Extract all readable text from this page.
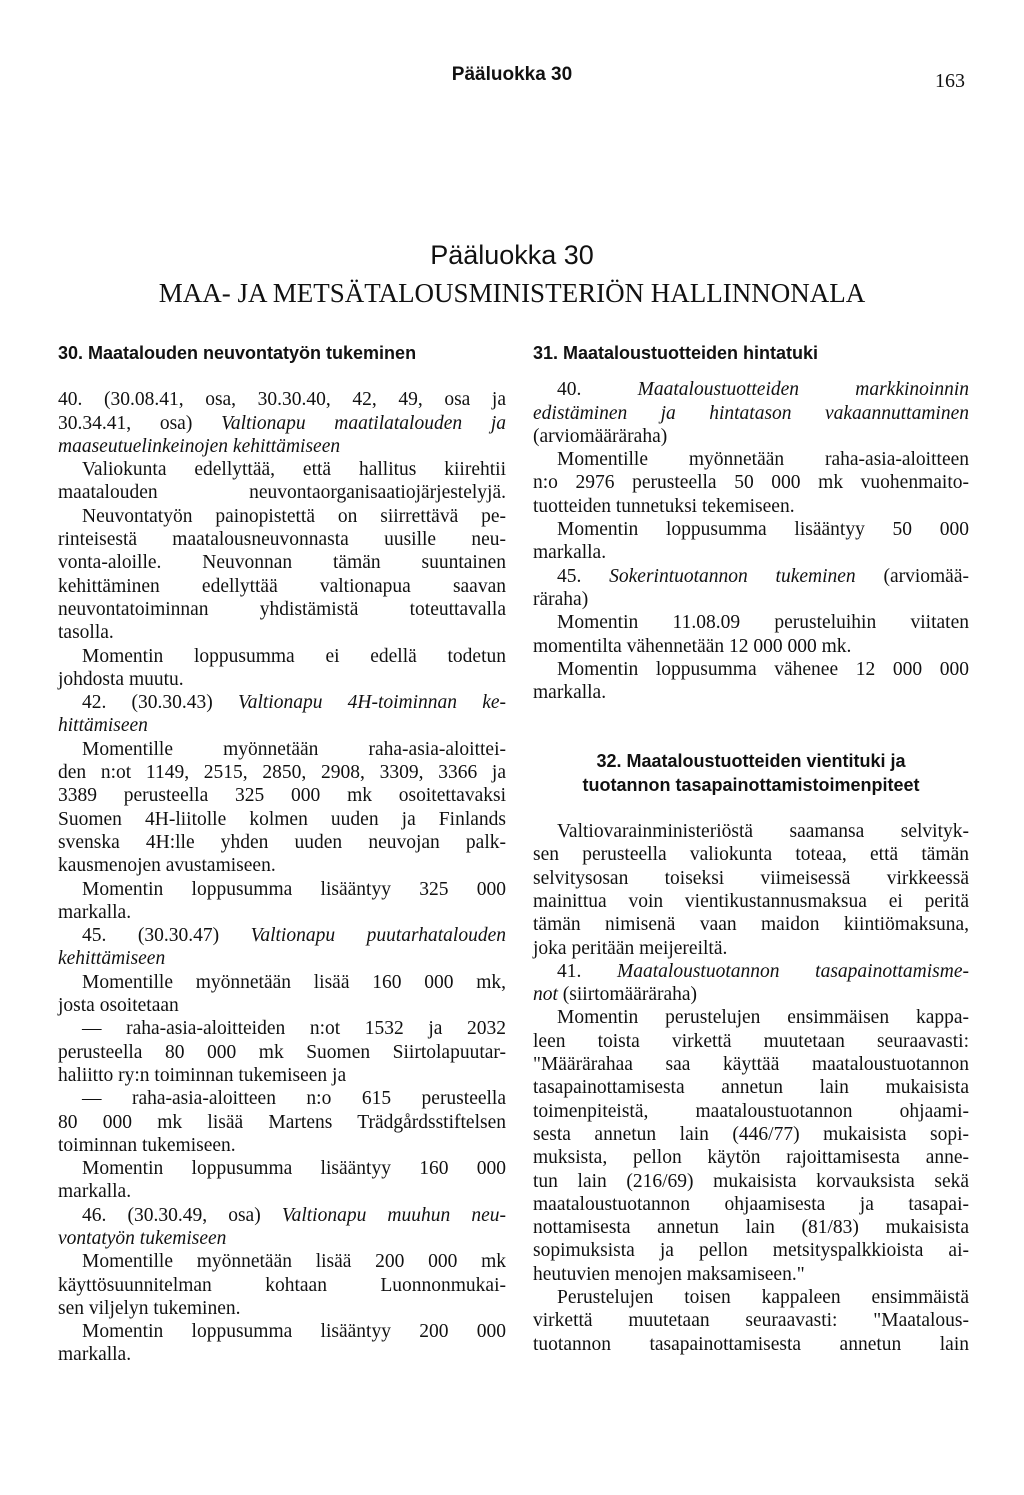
Pääluokka 30	163
Pääluokka 30
MAA- JA METSÄTALOUSMINISTERIÖN HALLINNONALA
30. Maatalouden neuvontatyön tukeminen
40. (30.08.41, osa, 30.30.40, 42, 49, osa ja
30.34.41, osa) Valtionapu maatilatalouden ja
maaseutuelinkeinojen kehittämiseen
Valiokunta edellyttää, että hallitus kiirehtii
maatalouden neuvontaorganisaatiojärjestelyjä.
Neuvontatyön painopistettä on siirrettävä pe-
rinteisestä maatalousneuvonnasta uusille neu-
vonta-aloille. Neuvonnan tämän suuntainen
kehittäminen edellyttää valtionapua saavan
neuvontatoiminnan yhdistämistä toteuttavalla
tasolla.
Momentin loppusumma ei edellä todetun
johdosta muutu.
42. (30.30.43) Valtionapu 4H-toiminnan ke-
hittämiseen
Momentille myönnetään raha-asia-aloittei-
den n:ot 1149, 2515, 2850, 2908, 3309, 3366 ja
3389 perusteella 325 000 mk osoitettavaksi
Suomen 4H-liitolle kolmen uuden ja Finlands
svenska 4H:lle yhden uuden neuvojan palk-
kausmenojen avustamiseen.
Momentin loppusumma lisääntyy 325 000
markalla.
45. (30.30.47) Valtionapu puutarhatalouden
kehittämiseen
Momentille myönnetään lisää 160 000 mk,
josta osoitetaan
— raha-asia-aloitteiden n:ot 1532 ja 2032
perusteella 80 000 mk Suomen Siirtolapuutar-
haliitto ry:n toiminnan tukemiseen ja
— raha-asia-aloitteen n:o 615 perusteella
80 000 mk lisää Martens Trädgårdsstiftelsen
toiminnan tukemiseen.
Momentin loppusumma lisääntyy 160 000
markalla.
46. (30.30.49, osa) Valtionapu muuhun neu-
vontatyön tukemiseen
Momentille myönnetään lisää 200 000 mk
käyttösuunnitelman kohtaan Luonnonmukai-
sen viljelyn tukeminen.
Momentin loppusumma lisääntyy 200 000
markalla.
31. Maataloustuotteiden hintatuki
40. Maataloustuotteiden markkinoinnin
edistäminen ja hintatason vakaannuttaminen
(arviomääräraha)
Momentille myönnetään raha-asia-aloitteen
n:o 2976 perusteella 50 000 mk vuohenmaito-
tuotteiden tunnetuksi tekemiseen.
Momentin loppusumma lisääntyy 50 000
markalla.
45. Sokerintuotannon tukeminen (arviomää-
räraha)
Momentin 11.08.09 perusteluihin viitaten
momentilta vähennetään 12 000 000 mk.
Momentin loppusumma vähenee 12 000 000
markalla.
32. Maataloustuotteiden vientituki ja
tuotannon tasapainottamistoimenpiteet
Valtiovarainministeriöstä saamansa selvityk-
sen perusteella valiokunta toteaa, että tämän
selvitysosan toiseksi viimeisessä virkkeessä
mainittua voin vientikustannusmaksua ei peritä
tämän nimisenä vaan maidon kiintiömaksuna,
joka peritään meijereiltä.
41. Maataloustuotannon tasapainottamisme-
not (siirtomääräraha)
Momentin perustelujen ensimmäisen kappa-
leen toista virkettä muutetaan seuraavasti:
"Määrärahaa saa käyttää maataloustuotannon
tasapainottamisesta annetun lain mukaisista
toimenpiteistä, maataloustuotannon ohjaami-
sesta annetun lain (446/77) mukaisista sopi-
muksista, pellon käytön rajoittamisesta anne-
tun lain (216/69) mukaisista korvauksista sekä
maataloustuotannon ohjaamisesta ja tasapai-
nottamisesta annetun lain (81/83) mukaisista
sopimuksista ja pellon metsityspalkkioista ai-
heutuvien menojen maksamiseen."
Perustelujen toisen kappaleen ensimmäistä
virkettä muutetaan seuraavasti: "Maatalous-
tuotannon tasapainottamisesta annetun lain
